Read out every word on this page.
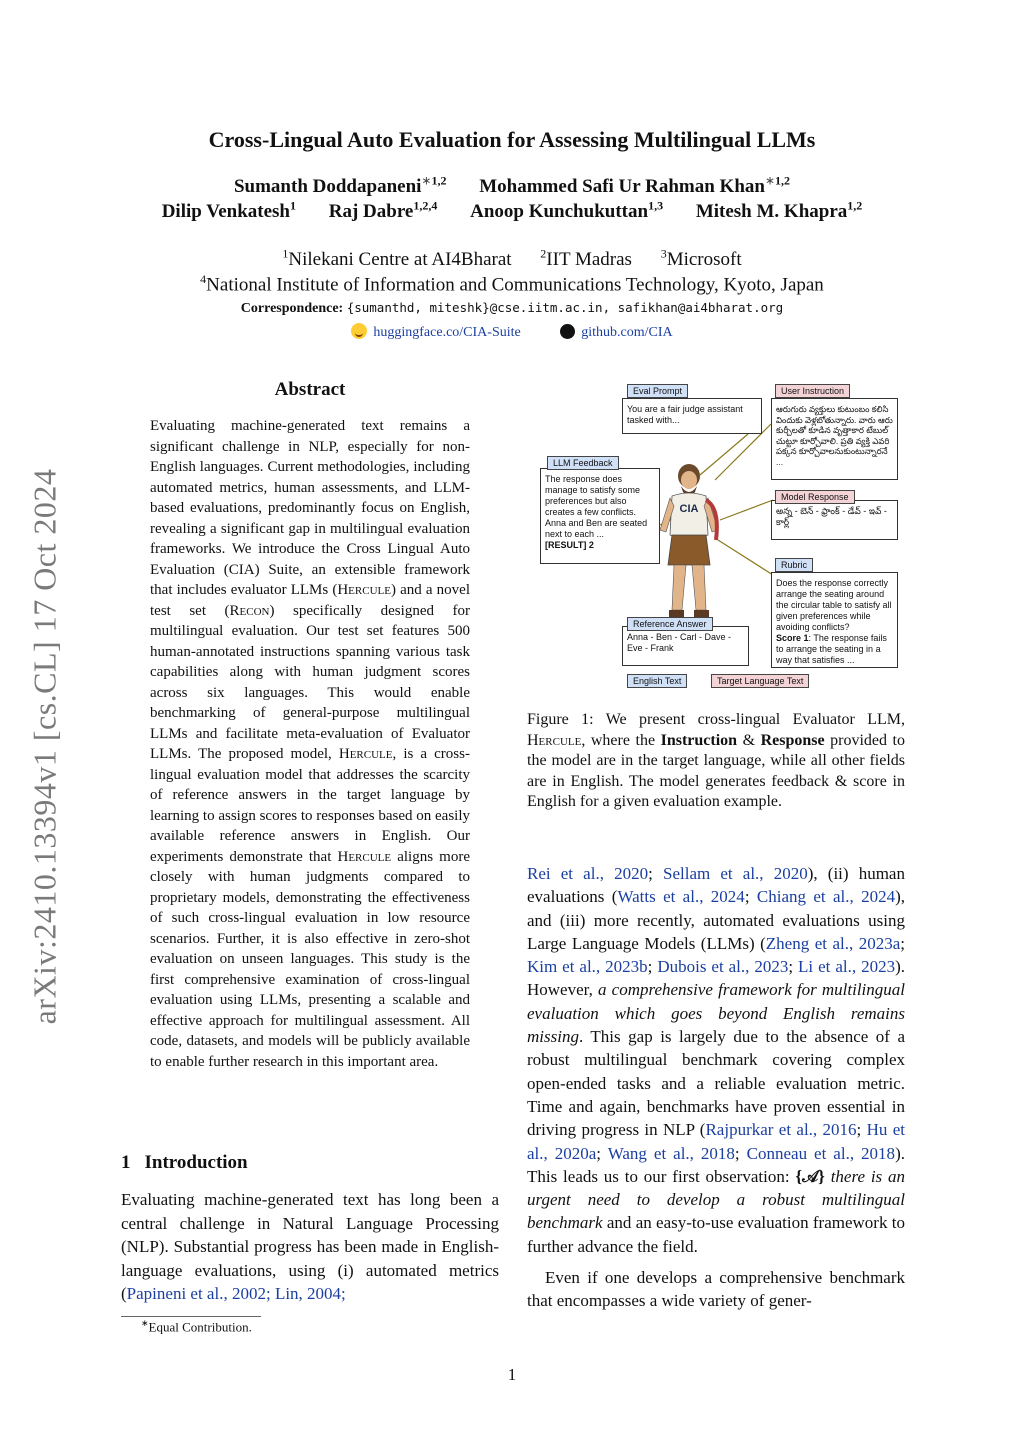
arXiv:2410.13394v1 [cs.CL] 17 Oct 2024
Cross-Lingual Auto Evaluation for Assessing Multilingual LLMs
Sumanth Doddapaneni$^{∗1,2}$ Mohammed Safi Ur Rahman Khan$^{∗1,2}$
Dilip Venkatesh$^1$ Raj Dabre$^{1,2,4}$ Anoop Kunchukuttan$^{1,3}$ Mitesh M. Khapra$^{1,2}$
$^1$Nilekani Centre at AI4Bharat $^2$IIT Madras $^3$Microsoft
$^4$National Institute of Information and Communications Technology, Kyoto, Japan
Correspondence: {sumanthd, miteshk}@cse.iitm.ac.in, safikhan@ai4bharat.org
huggingface.co/CIA-Suite	github.com/CIA
Abstract
Evaluating machine-generated text remains a significant challenge in NLP, especially for non-English languages. Current methodologies, including automated metrics, human assessments, and LLM-based evaluations, predominantly focus on English, revealing a significant gap in multilingual evaluation frameworks. We introduce the Cross Lingual Auto Evaluation (CIA) Suite, an extensible framework that includes evaluator LLMs (Hercule) and a novel test set (Recon) specifically designed for multilingual evaluation. Our test set features 500 human-annotated instructions spanning various task capabilities along with human judgment scores across six languages. This would enable benchmarking of general-purpose multilingual LLMs and facilitate meta-evaluation of Evaluator LLMs. The proposed model, Hercule, is a cross-lingual evaluation model that addresses the scarcity of reference answers in the target language by learning to assign scores to responses based on easily available reference answers in English. Our experiments demonstrate that Hercule aligns more closely with human judgments compared to proprietary models, demonstrating the effectiveness of such cross-lingual evaluation in low resource scenarios. Further, it is also effective in zero-shot evaluation on unseen languages. This study is the first comprehensive examination of cross-lingual evaluation using LLMs, presenting a scalable and effective approach for multilingual assessment. All code, datasets, and models will be publicly available to enable further research in this important area.
1 Introduction
Evaluating machine-generated text has long been a central challenge in Natural Language Processing (NLP). Substantial progress has been made in English-language evaluations, using (i) automated metrics (Papineni et al., 2002; Lin, 2004;
∗Equal Contribution.
1
CIA
You are a fair judge assistant tasked with...
Eval Prompt
ఆరుగురు వ్యక్తులు కుటుంబం కలిసి విందుకు వెళ్లబోతున్నారు. వారు ఆరు కుర్చీలతో కూడిన వృత్తాకార టేబుల్ చుట్టూ కూర్చోవాలి. ప్రతి వ్యక్తి ఎవరి పక్కన కూర్చోవాలనుకుంటున్నారనే ...
User Instruction
The response does manage to satisfy some preferences but also creates a few conflicts. Anna and Ben are seated next to each ...
[RESULT] 2
LLM Feedback
అన్న - బెన్ - ఫ్రాంక్ - డేవ్ - ఇవ్ - కార్ల్
Model Response
Does the response correctly arrange the seating around the circular table to satisfy all given preferences while avoiding conflicts?
Score 1: The response fails to arrange the seating in a way that satisfies ...
Rubric
Anna - Ben - Carl - Dave - Eve - Frank
Reference Answer
English Text	Target Language Text
Figure 1: We present cross-lingual Evaluator LLM, Hercule, where the Instruction & Response provided to the model are in the target language, while all other fields are in English. The model generates feedback & score in English for a given evaluation example.

Rei et al., 2020; Sellam et al., 2020), (ii) human evaluations (Watts et al., 2024; Chiang et al., 2024), and (iii) more recently, automated evaluations using Large Language Models (LLMs) (Zheng et al., 2023a; Kim et al., 2023b; Dubois et al., 2023; Li et al., 2023). However, a comprehensive framework for multilingual evaluation which goes beyond English remains missing. This gap is largely due to the absence of a robust multilingual benchmark covering complex open-ended tasks and a reliable evaluation metric. Time and again, benchmarks have proven essential in driving progress in NLP (Rajpurkar et al., 2016; Hu et al., 2020a; Wang et al., 2018; Conneau et al., 2018). This leads us to our first observation: {𝒜} there is an urgent need to develop a robust multilingual benchmark and an easy-to-use evaluation framework to further advance the field.

Even if one develops a comprehensive benchmark that encompasses a wide variety of gener-
